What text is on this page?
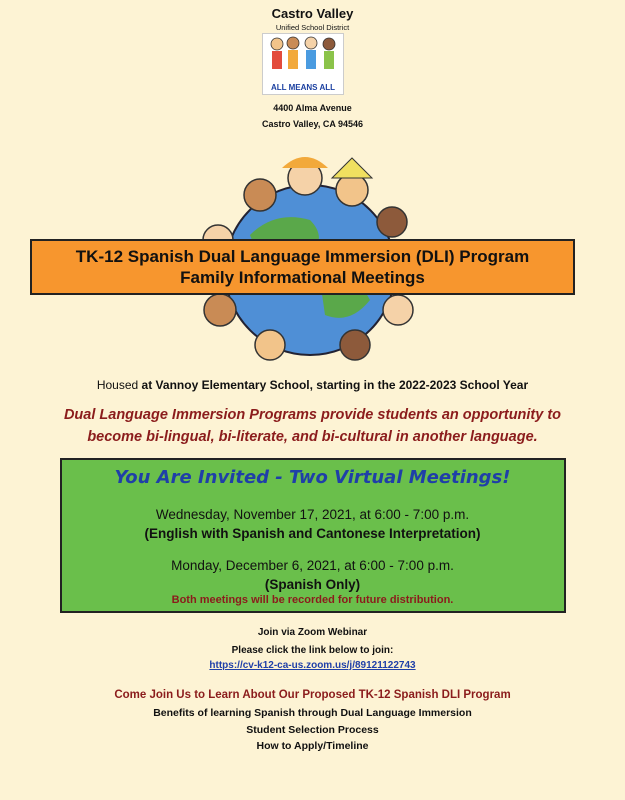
Castro Valley
Unified School District
ALL MEANS ALL
4400 Alma Avenue
Castro Valley, CA 94546
TK-12 Spanish Dual Language Immersion (DLI) Program
Family Informational Meetings
Housed at Vannoy Elementary School, starting in the 2022-2023 School Year
Dual Language Immersion Programs provide students an opportunity to
become bi-lingual, bi-literate, and bi-cultural in another language.
You Are Invited - Two Virtual Meetings!
Wednesday, November 17, 2021, at 6:00 - 7:00 p.m.
(English with Spanish and Cantonese Interpretation)
Monday, December 6, 2021, at 6:00 - 7:00 p.m.
(Spanish Only)
Both meetings will be recorded for future distribution.
Join via Zoom Webinar
Please click the link below to join:
https://cv-k12-ca-us.zoom.us/j/89121122743
Come Join Us to Learn About Our Proposed TK-12 Spanish DLI Program
Benefits of learning Spanish through Dual Language Immersion
Student Selection Process
How to Apply/Timeline
